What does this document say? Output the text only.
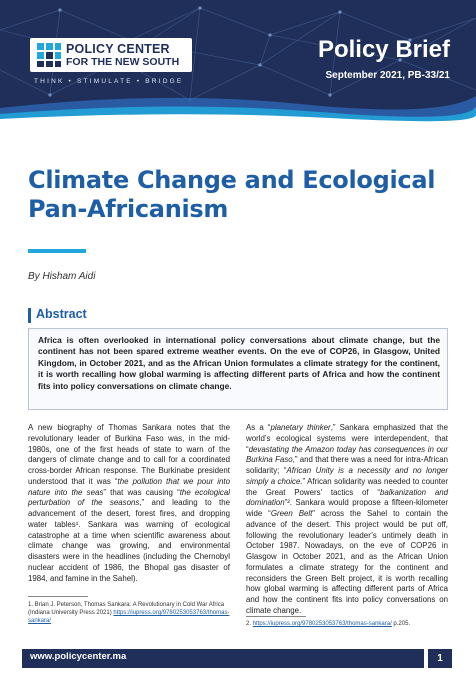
POLICY CENTER
FOR THE NEW SOUTH
THINK • STIMULATE • BRIDGE
Policy Brief
September 2021, PB-33/21
Climate Change and Ecological Pan-Africanism
By Hisham Aidi
Abstract
Africa is often overlooked in international policy conversations about climate change, but the continent has not been spared extreme weather events. On the eve of COP26, in Glasgow, United Kingdom, in October 2021, and as the African Union formulates a climate strategy for the continent, it is worth recalling how global warming is affecting different parts of Africa and how the continent fits into policy conversations on climate change.
A new biography of Thomas Sankara notes that the revolutionary leader of Burkina Faso was, in the mid-1980s, one of the first heads of state to warn of the dangers of climate change and to call for a coordinated cross-border African response. The Burkinabe president understood that it was “the pollution that we pour into nature into the seas” that was causing “the ecological perturbation of the seasons,” and leading to the advancement of the desert, forest fires, and dropping water tables¹. Sankara was warning of ecological catastrophe at a time when scientific awareness about climate change was growing, and environmental disasters were in the headlines (including the Chernobyl nuclear accident of 1986, the Bhopal gas disaster of 1984, and famine in the Sahel).
1. Brian J. Peterson, Thomas Sankara: A Revolutionary in Cold War Africa (Indiana University Press 2021) https://iupress.org/9780253053763/thomas-sankara/
As a “planetary thinker,” Sankara emphasized that the world’s ecological systems were interdependent, that “devastating the Amazon today has consequences in our Burkina Faso,” and that there was a need for intra-African solidarity; “African Unity is a necessity and no longer simply a choice.” African solidarity was needed to counter the Great Powers’ tactics of “balkanization and domination”². Sankara would propose a fifteen-kilometer wide “Green Belt” across the Sahel to contain the advance of the desert. This project would be put off, following the revolutionary leader’s untimely death in October 1987. Nowadays, on the eve of COP26 in Glasgow in October 2021, and as the African Union formulates a climate strategy for the continent and reconsiders the Green Belt project, it is worth recalling how global warming is affecting different parts of Africa and how the continent fits into policy conversations on climate change.
2. https://iupress.org/9780253053763/thomas-sankara/ p.205.
www.policycenter.ma	1
